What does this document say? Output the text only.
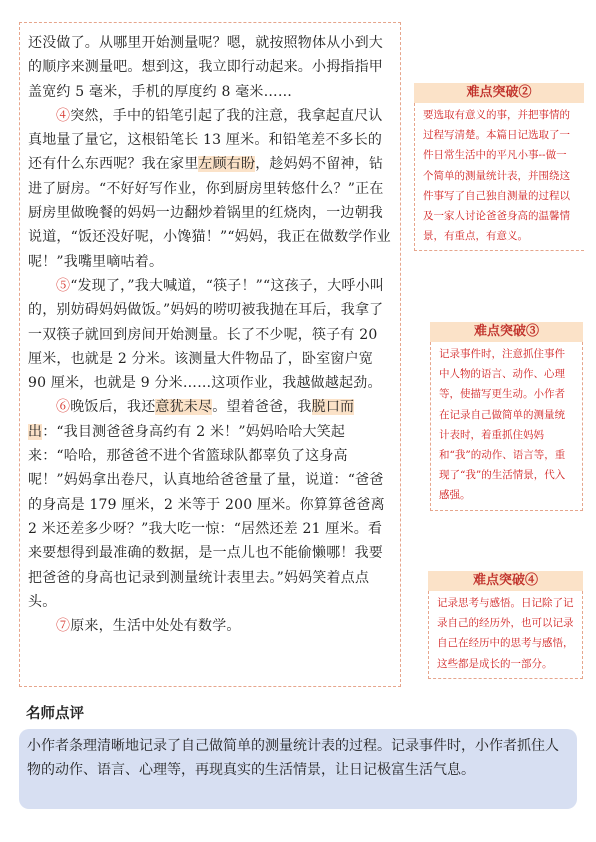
还没做了。从哪里开始测量呢？嗯，就按照物体从小到大的顺序来测量吧。想到这，我立即行动起来。小拇指指甲盖宽约 5 毫米，手机的厚度约 8 毫米……

④突然，手中的铅笔引起了我的注意，我拿起直尺认真地量了量它，这根铅笔长 13 厘米。和铅笔差不多长的还有什么东西呢？我在家里左顾右盼，趁妈妈不留神，钻进了厨房。“不好好写作业，你到厨房里转悠什么？”正在厨房里做晚餐的妈妈一边翻炒着锅里的红烧肉，一边朝我说道，“饭还没好呢，小馋猫！”“妈妈，我正在做数学作业呢！”我嘴里嘀咕着。

⑤“发现了，”我大喊道，“筷子！”“这孩子，大呼小叫的，别妨碍妈妈做饭。”妈妈的唠叨被我抛在耳后，我拿了一双筷子就回到房间开始测量。长了不少呢，筷子有 20 厘米，也就是 2 分米。该测量大件物品了，卧室窗户宽 90 厘米，也就是 9 分米……这项作业，我越做越起劲。

⑥晚饭后，我还意犹未尽。望着爸爸，我脱口而出：“我目测爸爸身高约有 2 米！”妈妈哈哈大笑起来：“哈哈，那爸爸不进个省篮球队都辜负了这身高呢！”妈妈拿出卷尺，认真地给爸爸量了量，说道：“爸爸的身高是 179 厘米，2 米等于 200 厘米。你算算爸爸离 2 米还差多少呀？”我大吃一惊：“居然还差 21 厘米。看来要想得到最准确的数据，是一点儿也不能偷懒哪！我要把爸爸的身高也记录到测量统计表里去。”妈妈笑着点点头。

⑦原来，生活中处处有数学。

难点突破②
要选取有意义的事，并把事情的过程写清楚。本篇日记选取了一件日常生活中的平凡小事--做一个简单的测量统计表，并围绕这件事写了自己独自测量的过程以及一家人讨论爸爸身高的温馨情景，有重点，有意义。
难点突破③
记录事件时，注意抓住事件中人物的语言、动作、心理等，使描写更生动。小作者在记录自己做简单的测量统计表时，着重抓住妈妈和“我”的动作、语言等，重现了“我”的生活情景，代入感强。
难点突破④
记录思考与感悟。日记除了记录自己的经历外，也可以记录自己在经历中的思考与感悟，这些都是成长的一部分。
名师点评

小作者条理清晰地记录了自己做简单的测量统计表的过程。记录事件时，小作者抓住人物的动作、语言、心理等，再现真实的生活情景，让日记极富生活气息。
